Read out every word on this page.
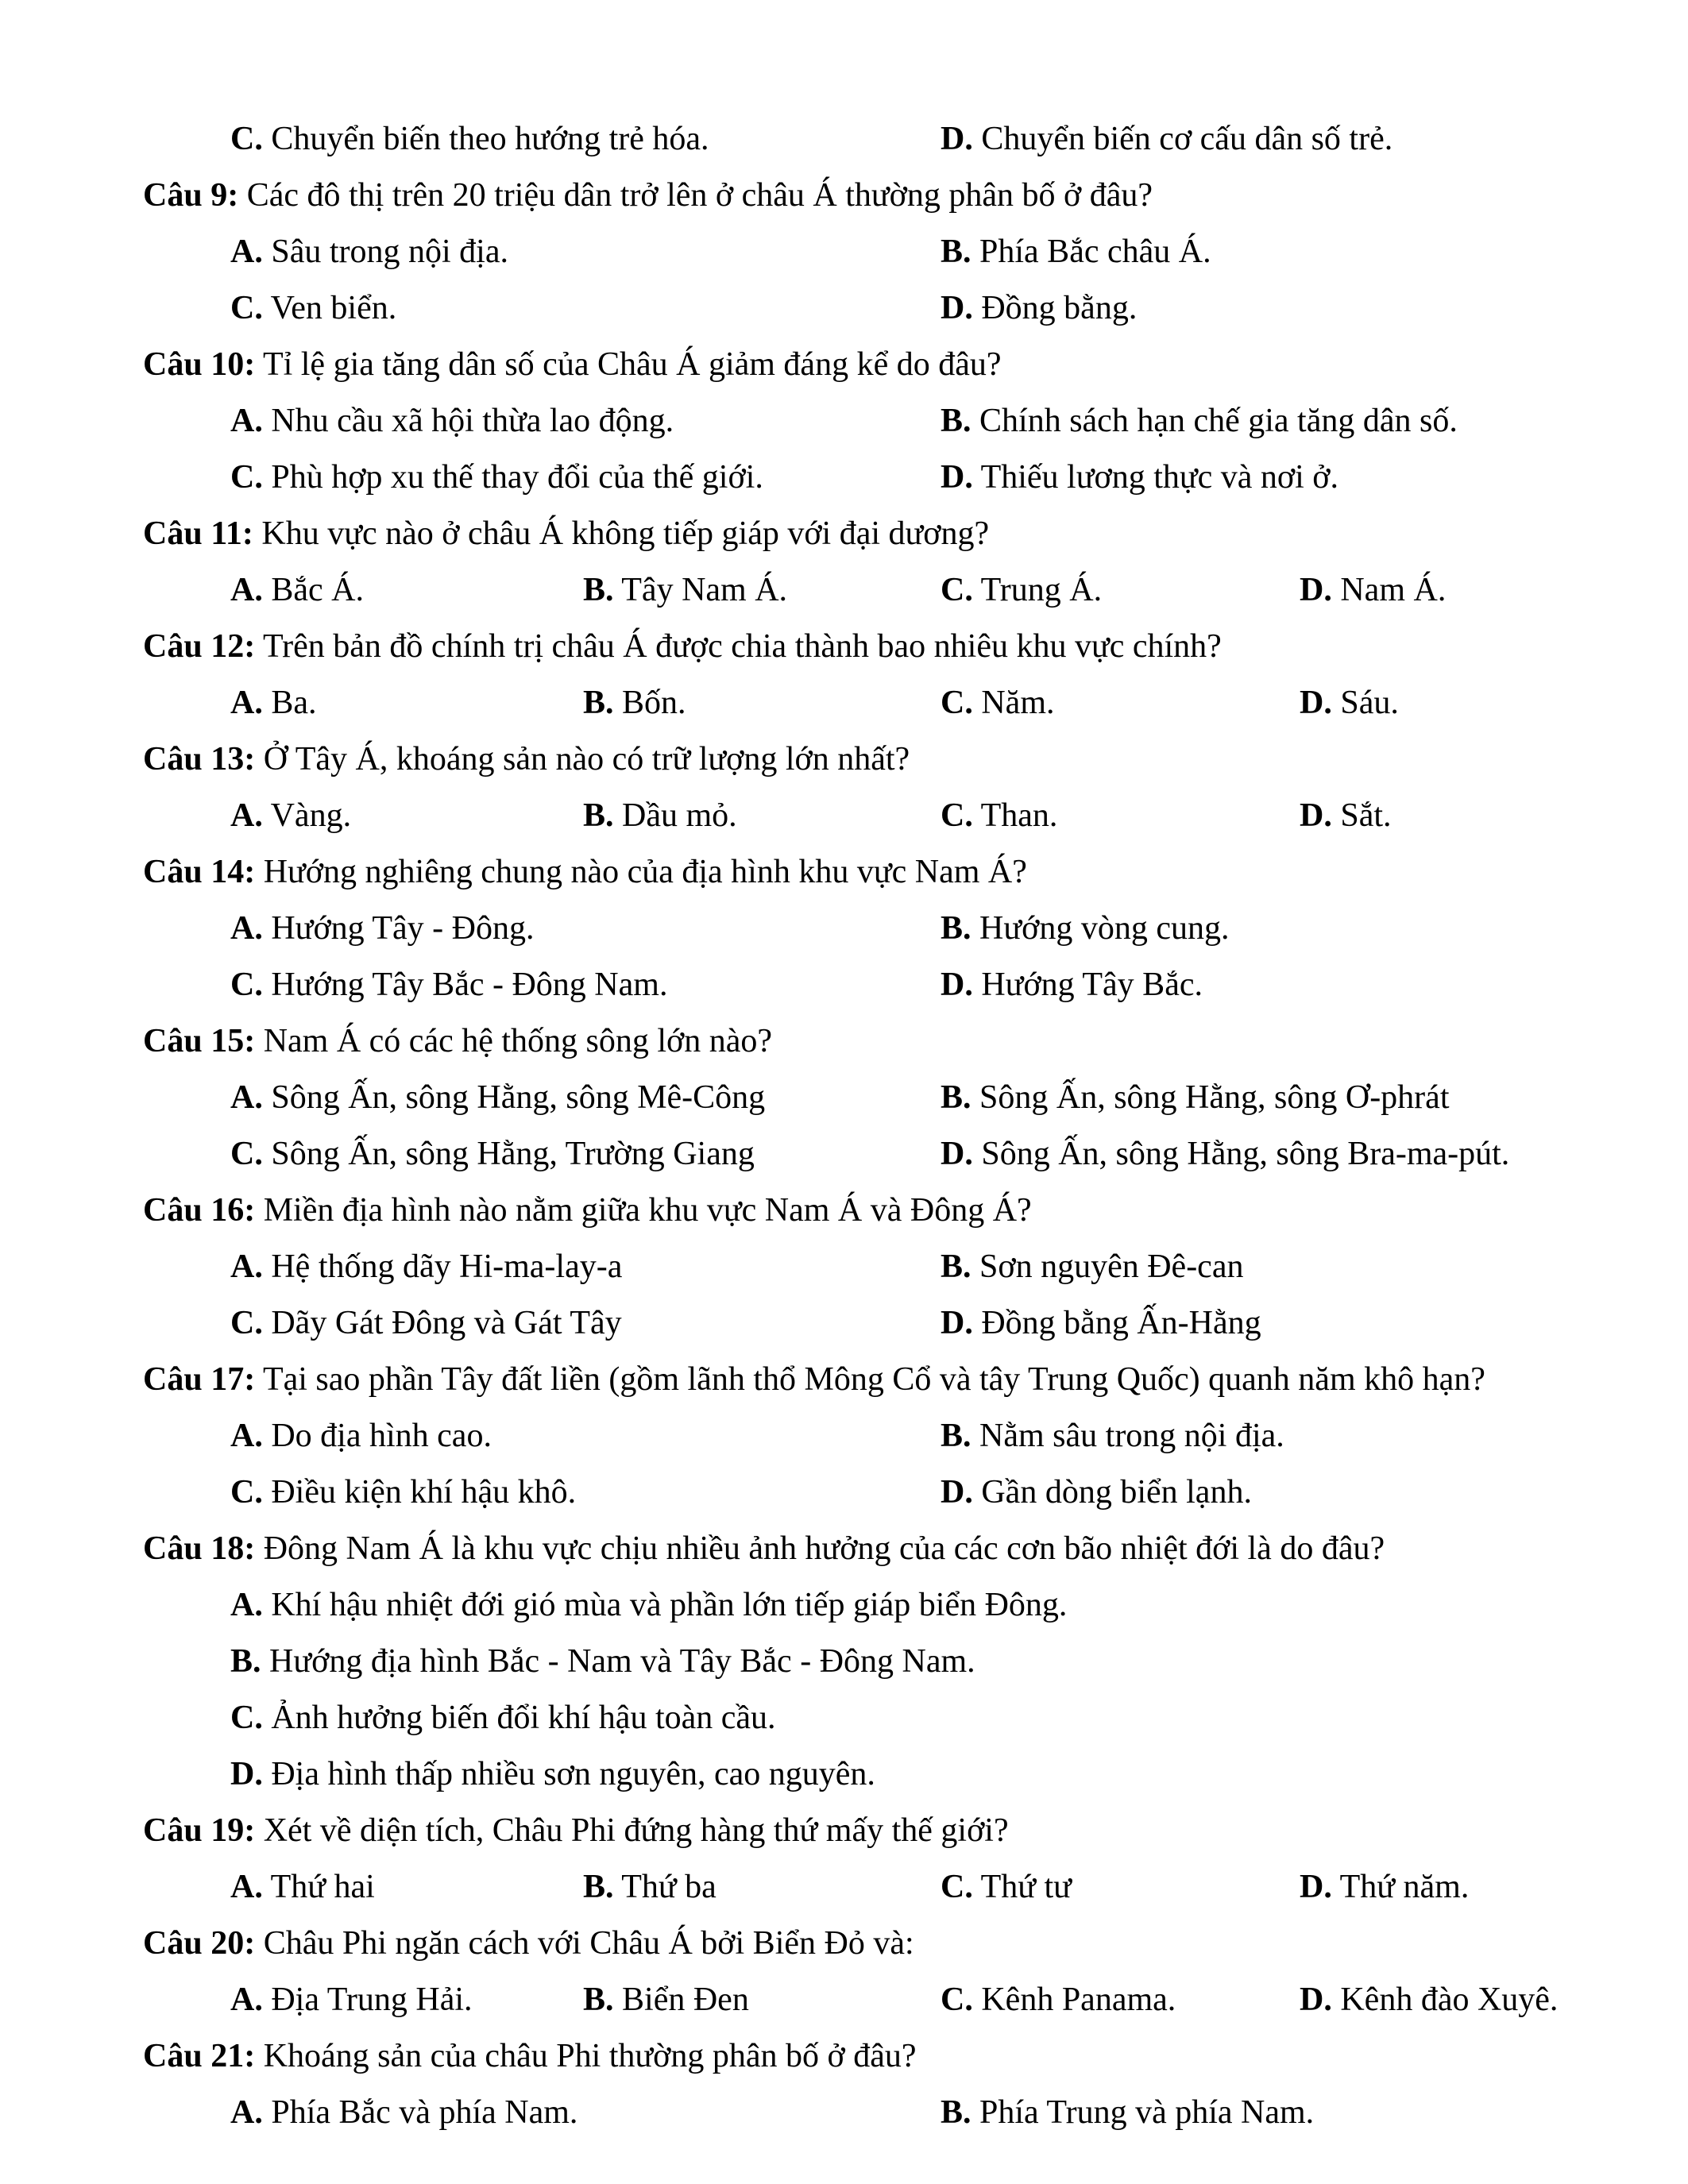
C. Chuyển biến theo hướng trẻ hóa.	D. Chuyển biến cơ cấu dân số trẻ.

Câu 9: Các đô thị trên 20 triệu dân trở lên ở châu Á thường phân bố ở đâu?

A. Sâu trong nội địa.	B. Phía Bắc châu Á.
C. Ven biển.	D. Đồng bằng.

Câu 10: Tỉ lệ gia tăng dân số của Châu Á giảm đáng kể do đâu?

A. Nhu cầu xã hội thừa lao động.	B. Chính sách hạn chế gia tăng dân số.
C. Phù hợp xu thế thay đổi của thế giới.	D. Thiếu lương thực và nơi ở.

Câu 11: Khu vực nào ở châu Á không tiếp giáp với đại dương?

A. Bắc Á.	B. Tây Nam Á.	C. Trung Á.	D. Nam Á.

Câu 12: Trên bản đồ chính trị châu Á được chia thành bao nhiêu khu vực chính?

A. Ba.	B. Bốn.	C. Năm.	D. Sáu.

Câu 13: Ở Tây Á, khoáng sản nào có trữ lượng lớn nhất?

A. Vàng.	B. Dầu mỏ.	C. Than.	D. Sắt.

Câu 14: Hướng nghiêng chung nào của địa hình khu vực Nam Á?

A. Hướng Tây - Đông.	B. Hướng vòng cung.
C. Hướng Tây Bắc - Đông Nam.	D. Hướng Tây Bắc.

Câu 15: Nam Á có các hệ thống sông lớn nào?

A. Sông Ấn, sông Hằng, sông Mê-Công	B. Sông Ấn, sông Hằng, sông Ơ-phrát
C. Sông Ấn, sông Hằng, Trường Giang	D. Sông Ấn, sông Hằng, sông Bra-ma-pút.

Câu 16: Miền địa hình nào nằm giữa khu vực Nam Á và Đông Á?

A. Hệ thống dãy Hi-ma-lay-a	B. Sơn nguyên Đê-can
C. Dãy Gát Đông và Gát Tây	D. Đồng bằng Ấn-Hằng

Câu 17: Tại sao phần Tây đất liền (gồm lãnh thổ Mông Cổ và tây Trung Quốc) quanh năm khô hạn?

A. Do địa hình cao.	B. Nằm sâu trong nội địa.
C. Điều kiện khí hậu khô.	D. Gần dòng biển lạnh.

Câu 18: Đông Nam Á là khu vực chịu nhiều ảnh hưởng của các cơn bão nhiệt đới là do đâu?

A. Khí hậu nhiệt đới gió mùa và phần lớn tiếp giáp biển Đông.
B. Hướng địa hình Bắc - Nam và Tây Bắc - Đông Nam.
C. Ảnh hưởng biến đổi khí hậu toàn cầu.
D. Địa hình thấp nhiều sơn nguyên, cao nguyên.

Câu 19: Xét về diện tích, Châu Phi đứng hàng thứ mấy thế giới?

A. Thứ hai	B. Thứ ba	C. Thứ tư	D. Thứ năm.

Câu 20: Châu Phi ngăn cách với Châu Á bởi Biển Đỏ và:

A. Địa Trung Hải.	B. Biển Đen	C. Kênh Panama.	D. Kênh đào Xuyê.

Câu 21: Khoáng sản của châu Phi thường phân bố ở đâu?

A. Phía Bắc và phía Nam.	B. Phía Trung và phía Nam.
